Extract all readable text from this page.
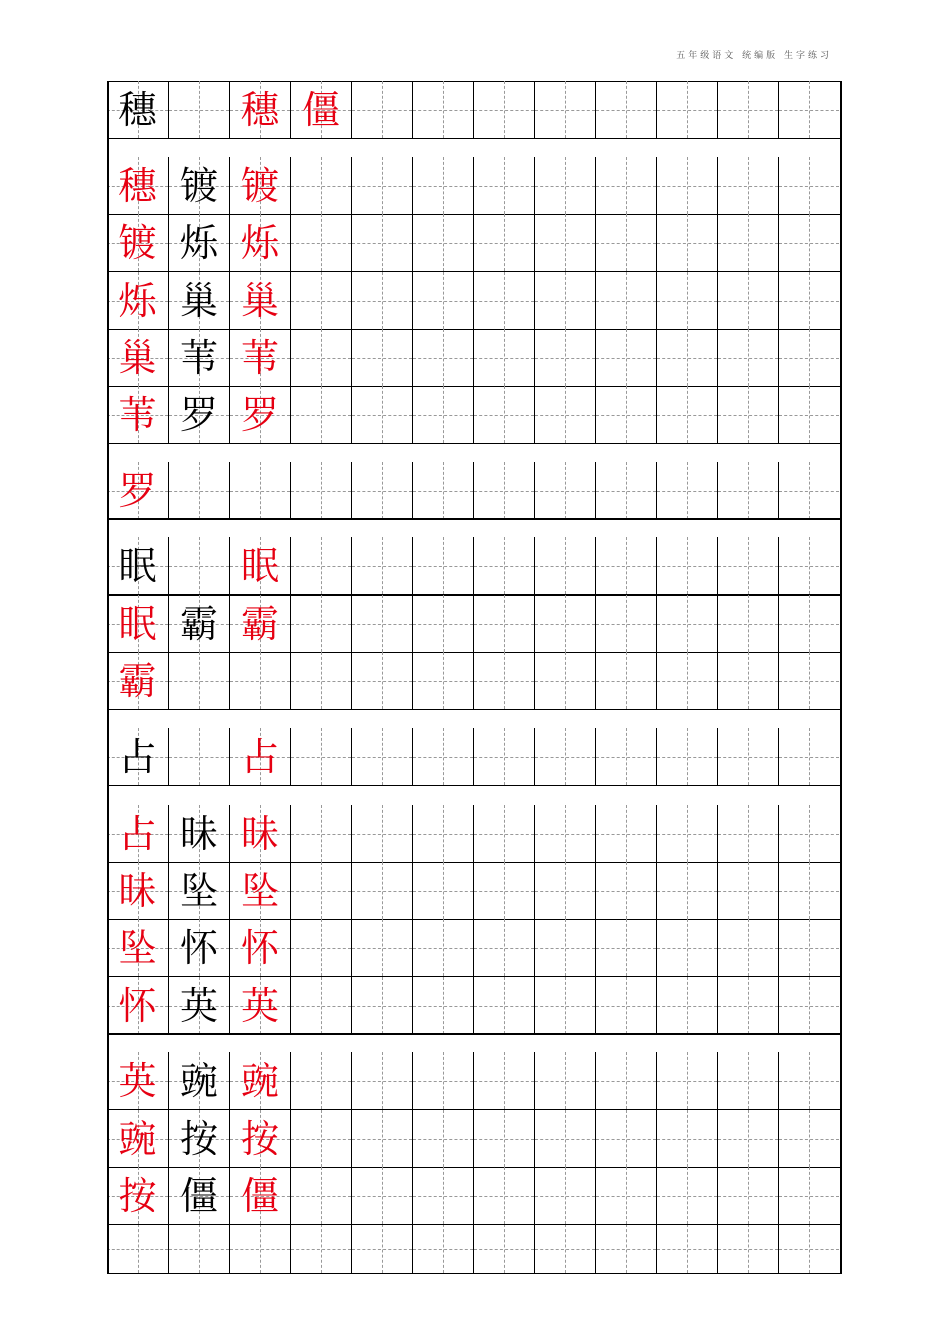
五年级语文 统编版 生字练习
穗	穗 僵
穗 镀 镀
镀 烁 烁
烁 巢 巢
巢 苇 苇
苇 罗 罗
罗
眠	眠
眠 霸 霸
霸
占	占
占 昧 昧
昧 坠 坠
坠 怀 怀
怀 英 英
英 豌 豌
豌 按 按
按 僵 僵
